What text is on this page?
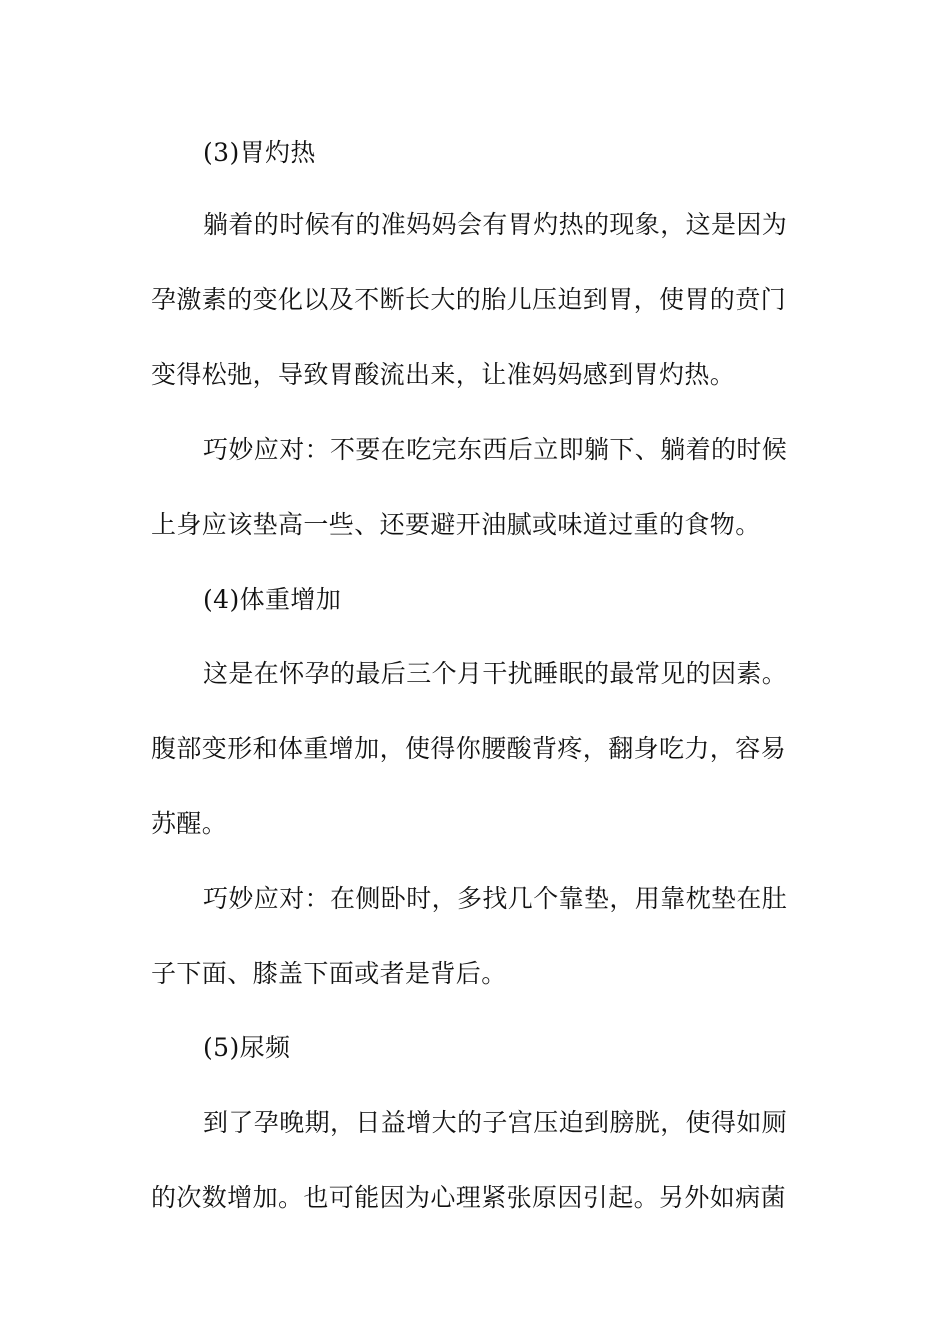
(3)胃灼热
躺着的时候有的准妈妈会有胃灼热的现象，这是因为
孕激素的变化以及不断长大的胎儿压迫到胃，使胃的贲门
变得松弛，导致胃酸流出来，让准妈妈感到胃灼热。
巧妙应对：不要在吃完东西后立即躺下、躺着的时候
上身应该垫高一些、还要避开油腻或味道过重的食物。
(4)体重增加
这是在怀孕的最后三个月干扰睡眠的最常见的因素。
腹部变形和体重增加，使得你腰酸背疼，翻身吃力，容易
苏醒。
巧妙应对：在侧卧时，多找几个靠垫，用靠枕垫在肚
子下面、膝盖下面或者是背后。
(5)尿频
到了孕晚期，日益增大的子宫压迫到膀胱，使得如厕
的次数增加。也可能因为心理紧张原因引起。另外如病菌
